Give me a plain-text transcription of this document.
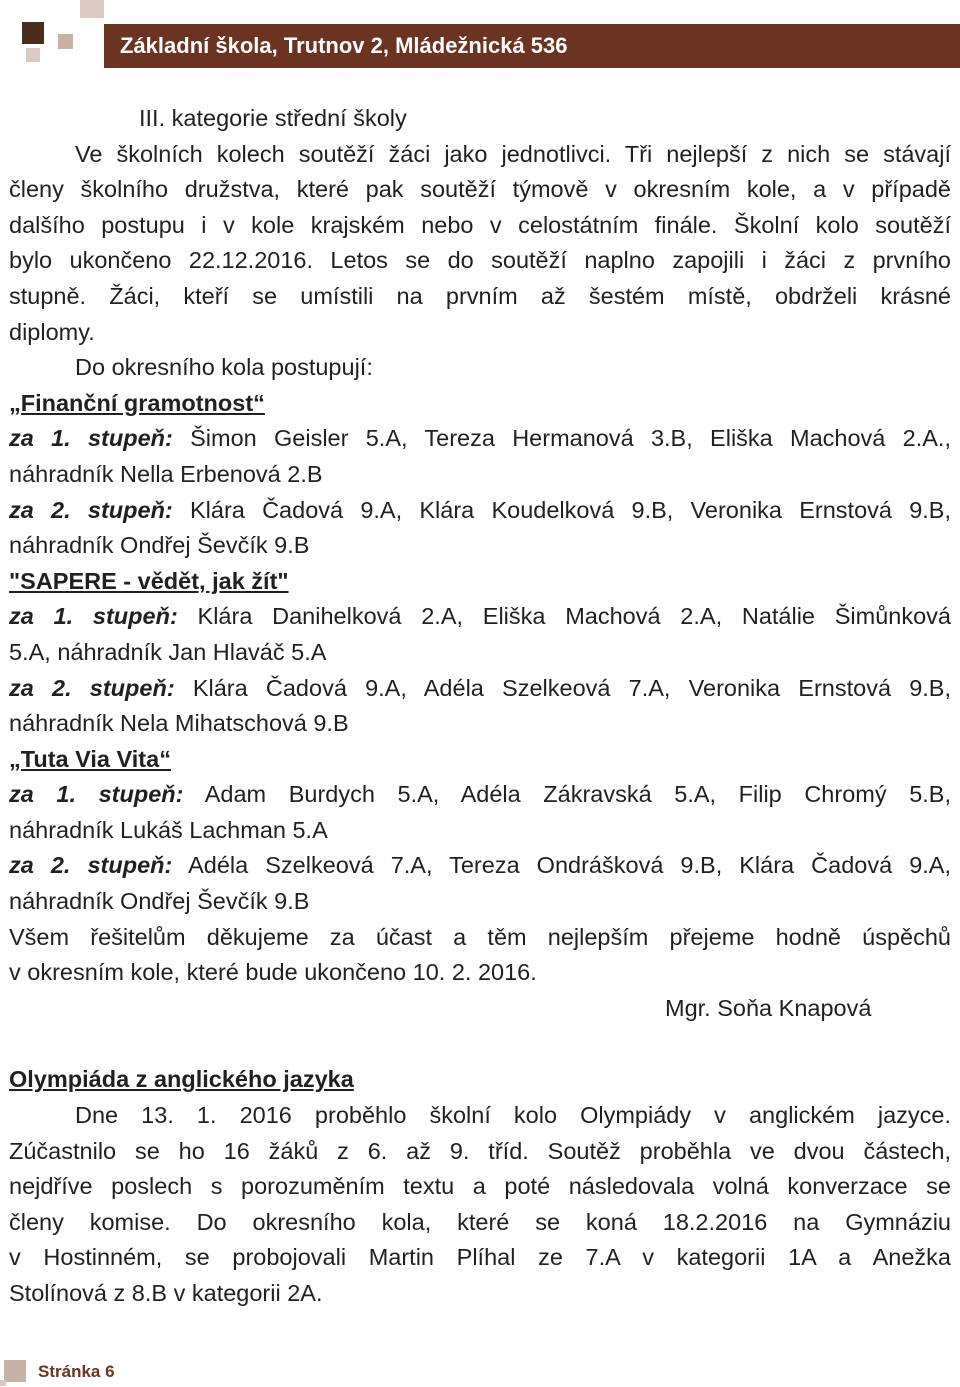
Základní škola, Trutnov 2, Mládežnická 536

III. kategorie střední školy

Ve školních kolech soutěží žáci jako jednotlivci. Tři nejlepší z nich se stávají

členy školního družstva, které pak soutěží týmově v okresním kole, a v případě

dalšího postupu i v kole krajském nebo v celostátním finále. Školní kolo soutěží

bylo ukončeno 22.12.2016. Letos se do soutěží naplno zapojili i žáci z prvního

stupně. Žáci, kteří se umístili na prvním až šestém místě, obdrželi krásné

diplomy.

Do okresního kola postupují:

„Finanční gramotnost“

za 1. stupeň: Šimon Geisler 5.A, Tereza Hermanová 3.B, Eliška Machová 2.A.,

náhradník Nella Erbenová 2.B

za 2. stupeň: Klára Čadová 9.A, Klára Koudelková 9.B, Veronika Ernstová 9.B,

náhradník Ondřej Ševčík 9.B

"SAPERE - vědět, jak žít"

za 1. stupeň: Klára Danihelková 2.A, Eliška Machová 2.A, Natálie Šimůnková

5.A, náhradník Jan Hlaváč 5.A

za 2. stupeň: Klára Čadová 9.A, Adéla Szelkeová 7.A, Veronika Ernstová 9.B,

náhradník Nela Mihatschová 9.B

„Tuta Via Vita“

za 1. stupeň: Adam Burdych 5.A, Adéla Zákravská 5.A, Filip Chromý 5.B,

náhradník Lukáš Lachman 5.A

za 2. stupeň: Adéla Szelkeová 7.A, Tereza Ondrášková 9.B, Klára Čadová 9.A,

náhradník Ondřej Ševčík 9.B

Všem řešitelům děkujeme za účast a těm nejlepším přejeme hodně úspěchů

v okresním kole, které bude ukončeno 10. 2. 2016.

Mgr. Soňa Knapová

Olympiáda z anglického jazyka

Dne 13. 1. 2016 proběhlo školní kolo Olympiády v anglickém jazyce.

Zúčastnilo se ho 16 žáků z 6. až 9. tříd. Soutěž proběhla ve dvou částech,

nejdříve poslech s porozuměním textu a poté následovala volná konverzace se

členy komise. Do okresního kola, které se koná 18.2.2016 na Gymnáziu

v Hostinném, se probojovali Martin Plíhal ze 7.A v kategorii 1A a Anežka

Stolínová z 8.B v kategorii 2A.

Stránka 6
